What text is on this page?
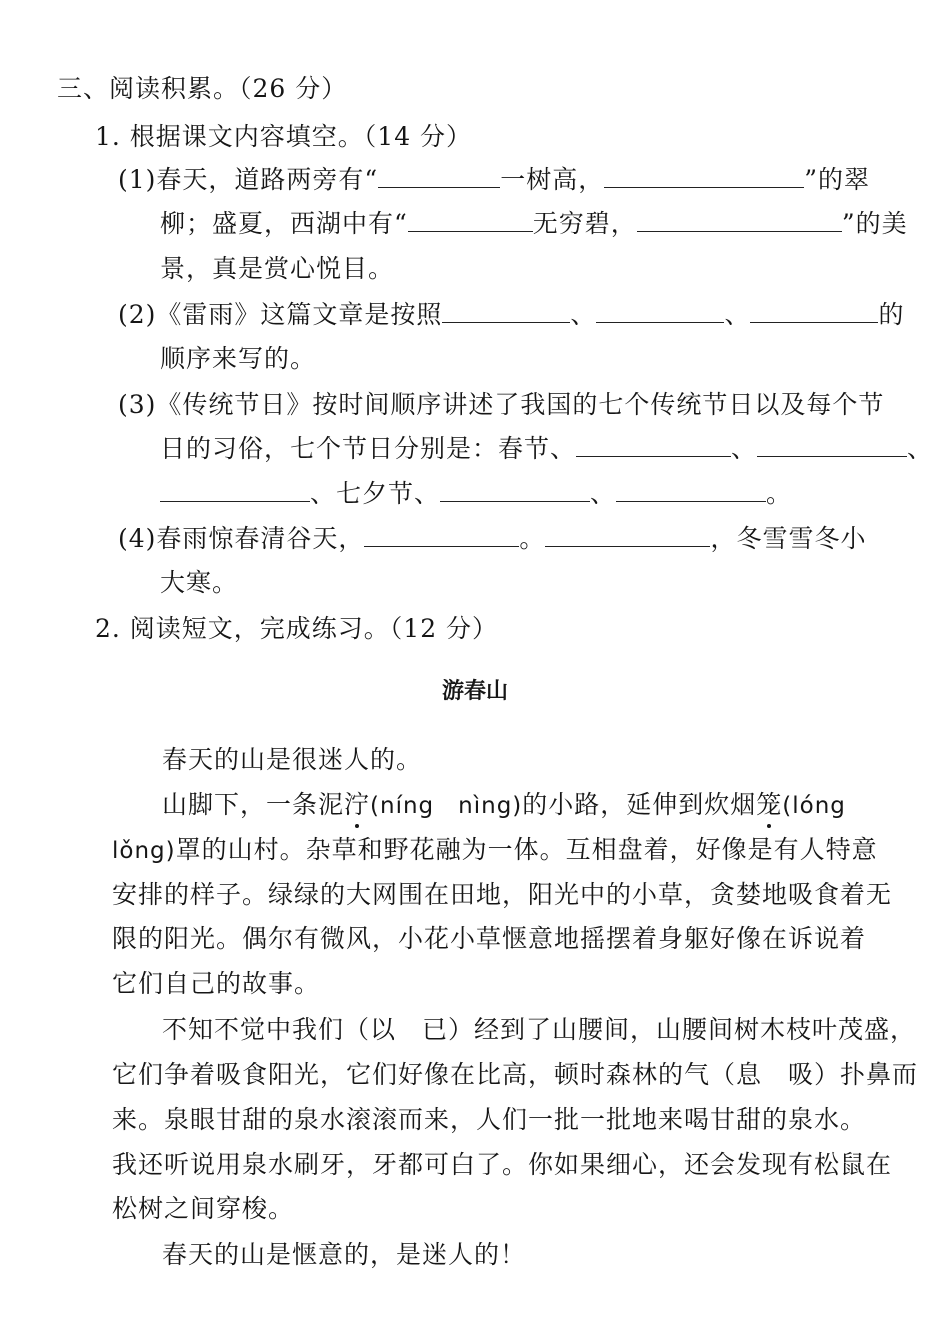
三、阅读积累。（26 分）
1. 根据课文内容填空。（14 分）
(1)春天，道路两旁有“	一树高，	”的翠
柳；盛夏，西湖中有“	无穷碧，	”的美
景，真是赏心悦目。
(2)《雷雨》这篇文章是按照	、	、	的
顺序来写的。
(3)《传统节日》按时间顺序讲述了我国的七个传统节日以及每个节
日的习俗，七个节日分别是：春节、	、	、
、七夕节、	、	。
(4)春雨惊春清谷天，	。	，冬雪雪冬小
大寒。
2. 阅读短文，完成练习。（12 分）
游春山
春天的山是很迷人的。
山脚下，一条泥泞(níng　nìng)的小路，延伸到炊烟笼(lóng
lǒng)罩的山村。杂草和野花融为一体。互相盘着，好像是有人特意
安排的样子。绿绿的大网围在田地，阳光中的小草，贪婪地吸食着无
限的阳光。偶尔有微风，小花小草惬意地摇摆着身躯好像在诉说着
它们自己的故事。
不知不觉中我们（以　已）经到了山腰间，山腰间树木枝叶茂盛，
它们争着吸食阳光，它们好像在比高，顿时森林的气（息　吸）扑鼻而
来。泉眼甘甜的泉水滚滚而来，人们一批一批地来喝甘甜的泉水。
我还听说用泉水刷牙，牙都可白了。你如果细心，还会发现有松鼠在
松树之间穿梭。
春天的山是惬意的，是迷人的！
